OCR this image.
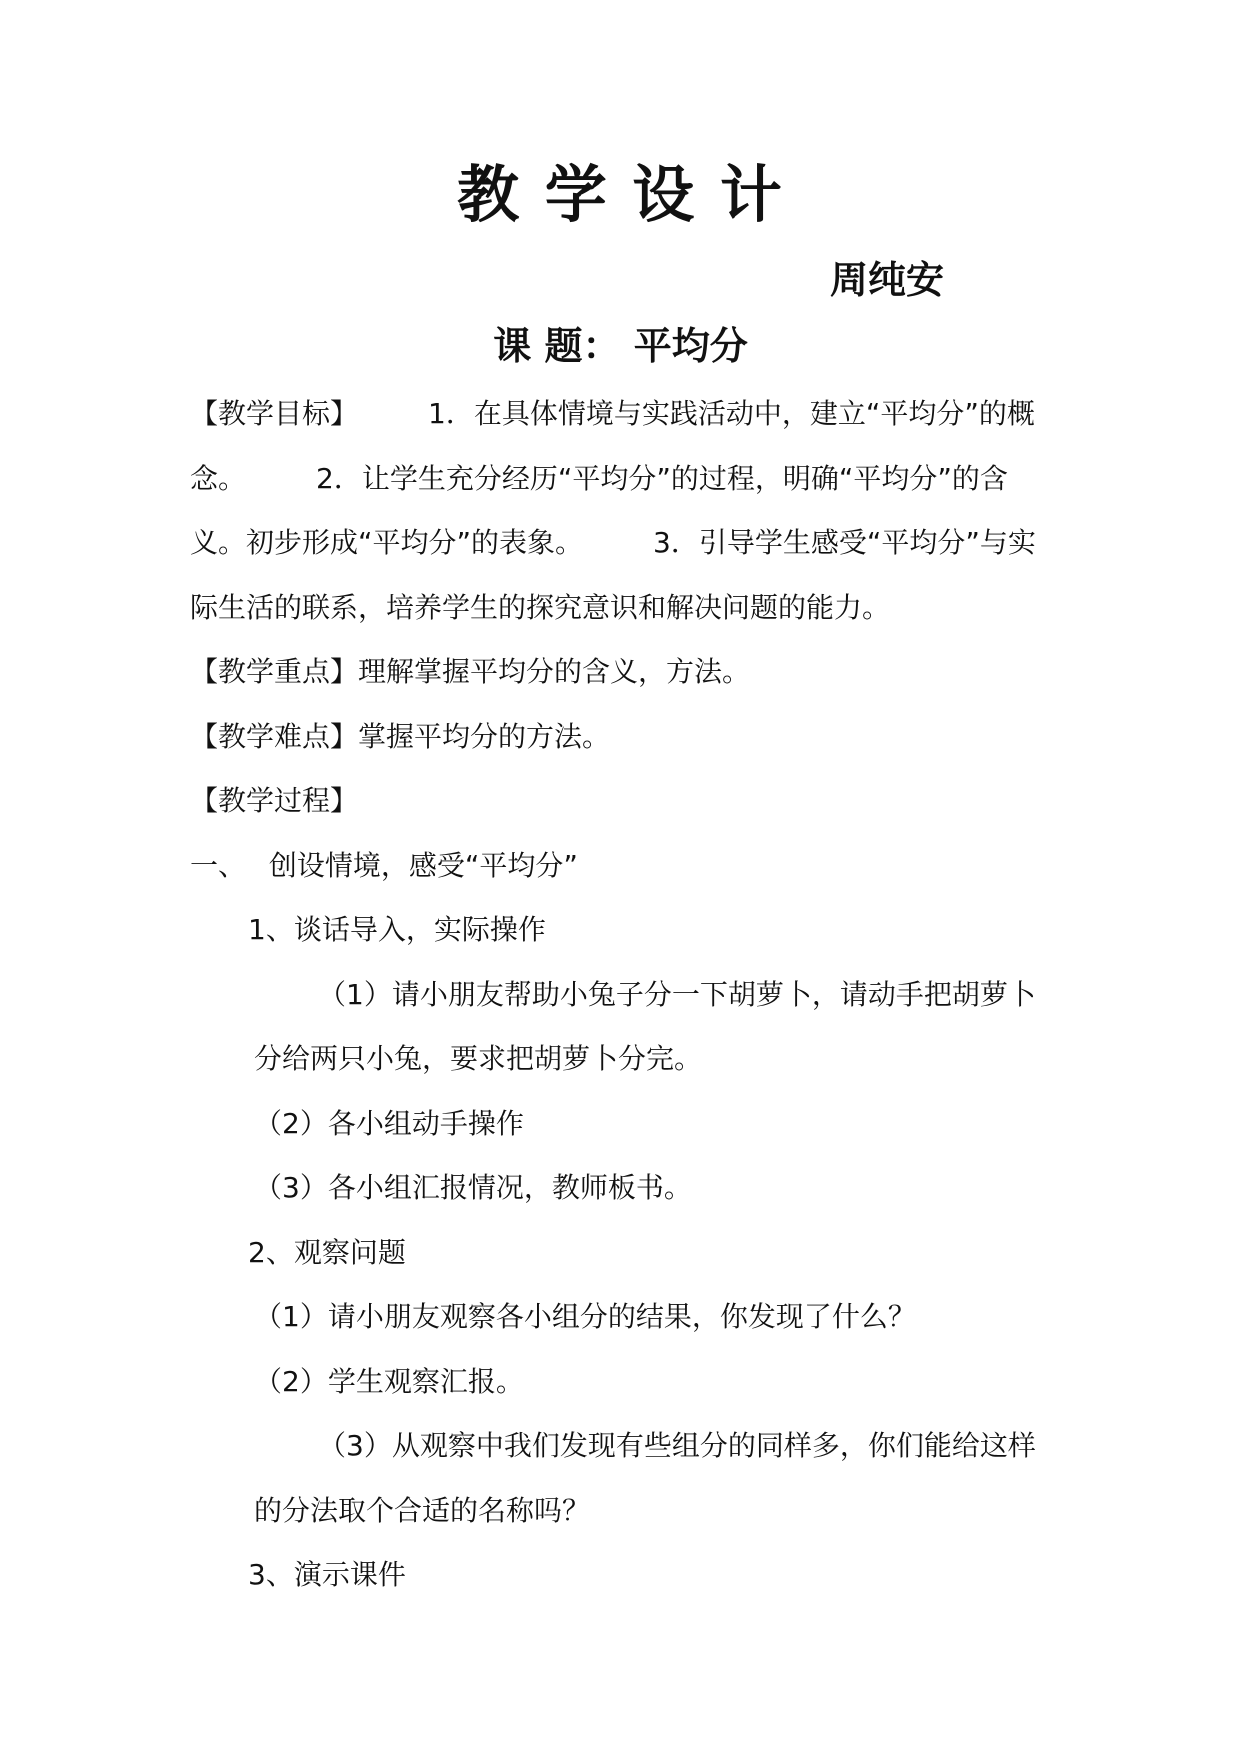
教 学 设 计
周纯安
课 题： 平均分

【教学目标】　　　1．在具体情境与实践活动中，建立“平均分”的概念。　　　2．让学生充分经历“平均分”的过程，明确“平均分”的含义。初步形成“平均分”的表象。　　　3．引导学生感受“平均分”与实际生活的联系，培养学生的探究意识和解决问题的能力。

【教学重点】理解掌握平均分的含义，方法。

【教学难点】掌握平均分的方法。

【教学过程】

一、　 创设情境，感受“平均分”

1、谈话导入，实际操作

（1）请小朋友帮助小兔子分一下胡萝卜，请动手把胡萝卜分给两只小兔，要求把胡萝卜分完。

（2）各小组动手操作

（3）各小组汇报情况，教师板书。

2、观察问题

（1）请小朋友观察各小组分的结果，你发现了什么？

（2）学生观察汇报。

（3）从观察中我们发现有些组分的同样多，你们能给这样的分法取个合适的名称吗？

3、演示课件
